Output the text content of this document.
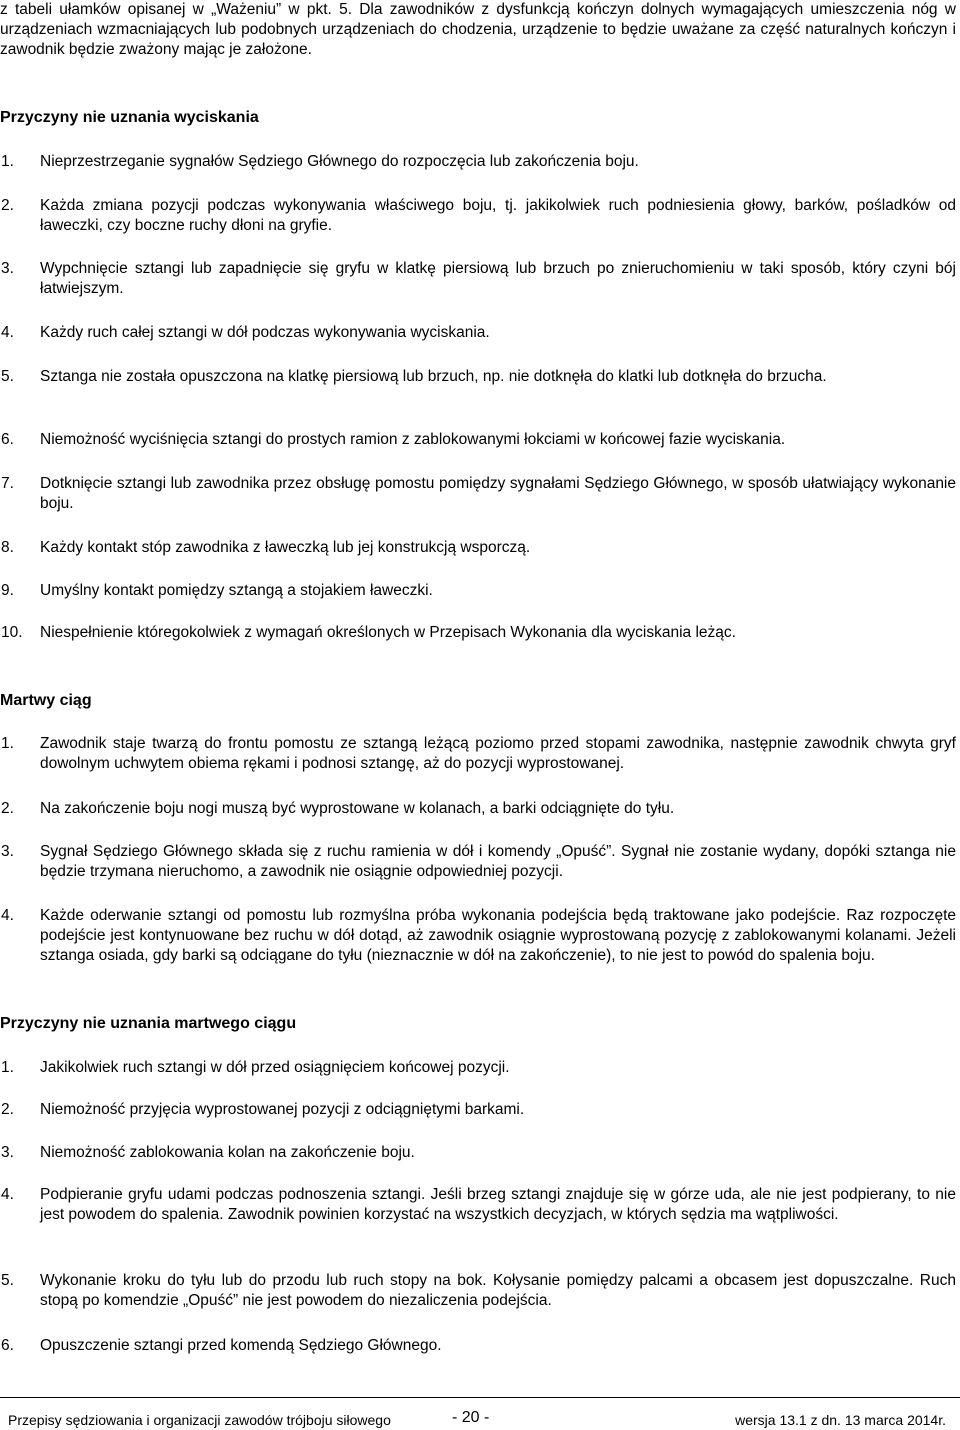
z tabeli ułamków opisanej w „Ważeniu” w pkt. 5. Dla zawodników z dysfunkcją kończyn dolnych wymagających umieszczenia nóg w urządzeniach wzmacniających lub podobnych urządzeniach do chodzenia, urządzenie to będzie uważane za część naturalnych kończyn i zawodnik będzie zważony mając je założone.

Przyczyny nie uznania wyciskania
1.	Nieprzestrzeganie sygnałów Sędziego Głównego do rozpoczęcia lub zakończenia boju.
2.	Każda zmiana pozycji podczas wykonywania właściwego boju, tj. jakikolwiek ruch podniesienia głowy, barków, pośladków od ławeczki, czy boczne ruchy dłoni na gryfie.
3.	Wypchnięcie sztangi lub zapadnięcie się gryfu w klatkę piersiową lub brzuch po znieruchomieniu w taki sposób, który czyni bój łatwiejszym.
4.	Każdy ruch całej sztangi w dół podczas wykonywania wyciskania.
5.	Sztanga nie została opuszczona na klatkę piersiową lub brzuch, np. nie dotknęła do klatki lub dotknęła do brzucha.
6.	Niemożność wyciśnięcia sztangi do prostych ramion z zablokowanymi łokciami w końcowej fazie wyciskania.
7.	Dotknięcie sztangi lub zawodnika przez obsługę pomostu pomiędzy sygnałami Sędziego Głównego, w sposób ułatwiający wykonanie boju.
8.	Każdy kontakt stóp zawodnika z ławeczką lub jej konstrukcją wsporczą.
9.	Umyślny kontakt pomiędzy sztangą a stojakiem ławeczki.
10.	Niespełnienie któregokolwiek z wymagań określonych w Przepisach Wykonania dla wyciskania leżąc.
Martwy ciąg
1.	Zawodnik staje twarzą do frontu pomostu ze sztangą leżącą poziomo przed stopami zawodnika, następnie zawodnik chwyta gryf dowolnym uchwytem obiema rękami i podnosi sztangę, aż do pozycji wyprostowanej.
2.	Na zakończenie boju nogi muszą być wyprostowane w kolanach, a barki odciągnięte do tyłu.
3.	Sygnał Sędziego Głównego składa się z ruchu ramienia w dół i komendy „Opuść”. Sygnał nie zostanie wydany, dopóki sztanga nie będzie trzymana nieruchomo, a zawodnik nie osiągnie odpowiedniej pozycji.
4.	Każde oderwanie sztangi od pomostu lub rozmyślna próba wykonania podejścia będą traktowane jako podejście. Raz rozpoczęte podejście jest kontynuowane bez ruchu w dół dotąd, aż zawodnik osiągnie wyprostowaną pozycję z zablokowanymi kolanami. Jeżeli sztanga osiada, gdy barki są odciągane do tyłu (nieznacznie w dół na zakończenie), to nie jest to powód do spalenia boju.
Przyczyny nie uznania martwego ciągu
1.	Jakikolwiek ruch sztangi w dół przed osiągnięciem końcowej pozycji.
2.	Niemożność przyjęcia wyprostowanej pozycji z odciągniętymi barkami.
3.	Niemożność zablokowania kolan na zakończenie boju.
4.	Podpieranie gryfu udami podczas podnoszenia sztangi. Jeśli brzeg sztangi znajduje się w górze uda, ale nie jest podpierany, to nie jest powodem do spalenia. Zawodnik powinien korzystać na wszystkich decyzjach, w których sędzia ma wątpliwości.
5.	Wykonanie kroku do tyłu lub do przodu lub ruch stopy na bok. Kołysanie pomiędzy palcami a obcasem jest dopuszczalne. Ruch stopą po komendzie „Opuść” nie jest powodem do niezaliczenia podejścia.
6.	Opuszczenie sztangi przed komendą Sędziego Głównego.
Przepisy sędziowania i organizacji zawodów trójboju siłowego	- 20 -	wersja 13.1 z dn. 13 marca 2014r.
